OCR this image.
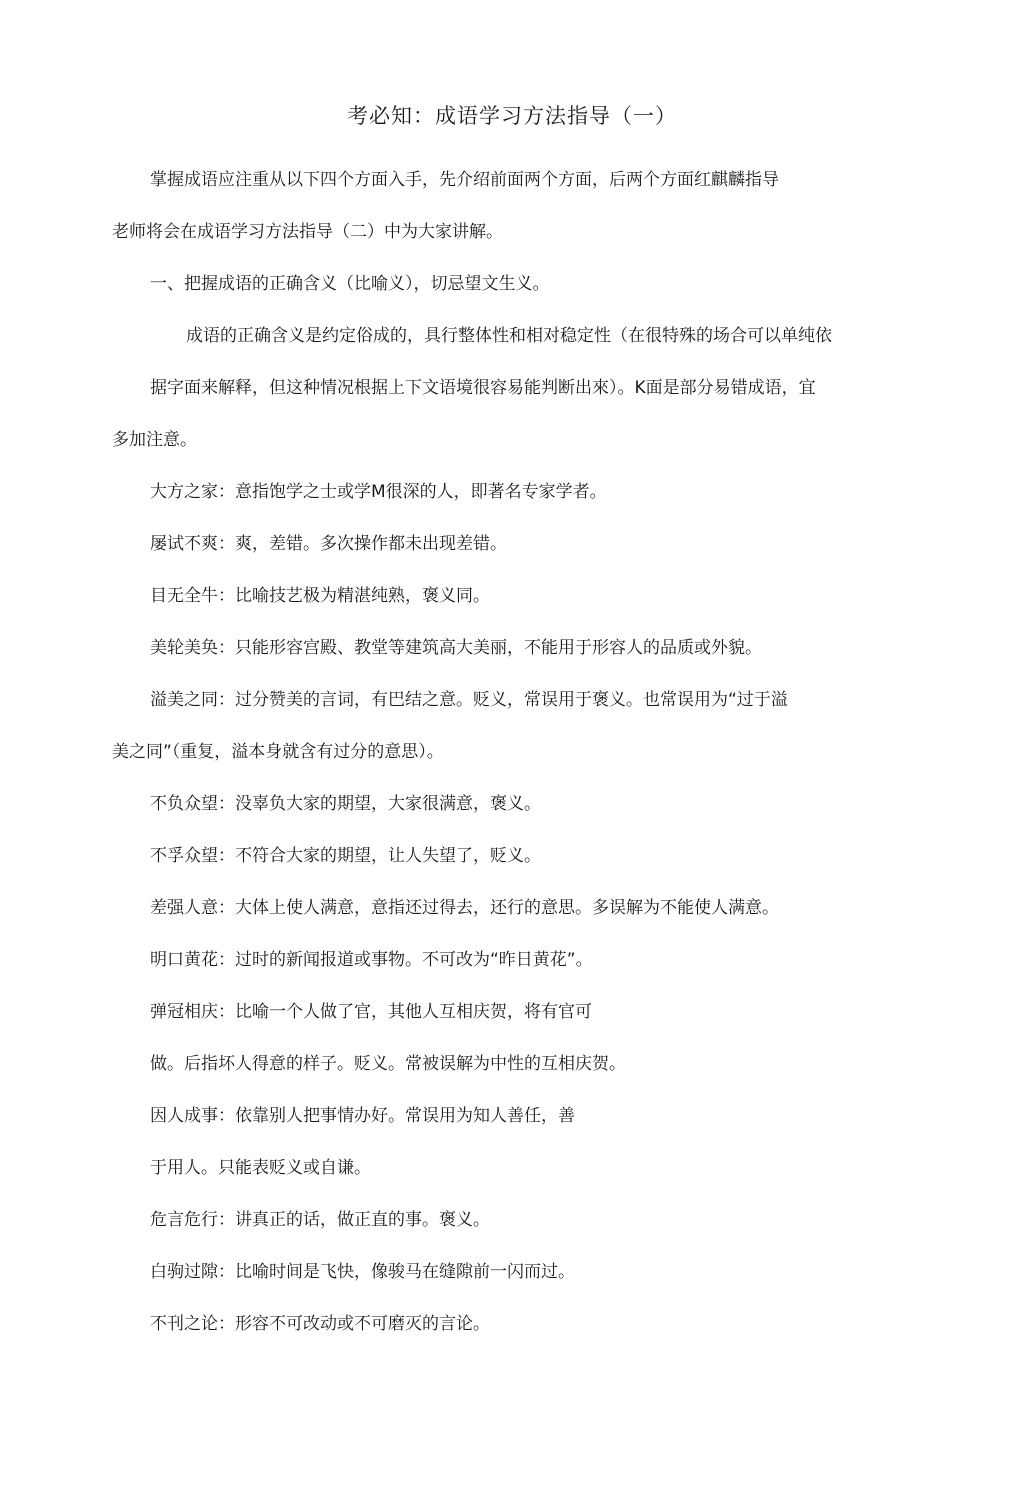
考必知：成语学习方法指导（一）
掌握成语应注重从以下四个方面入手，先介绍前面两个方面，后两个方面红麒麟指导
老师将会在成语学习方法指导（二）中为大家讲解。
一、把握成语的正确含义（比喻义），切忌望文生义。
成语的正确含义是约定俗成的，具行整体性和相对稳定性（在很特殊的场合可以单纯依
据字面来解释，但这种情况根据上下文语境很容易能判断出來）。K面是部分易错成语，宜
多加注意。
大方之家：意指饱学之士或学M很深的人，即著名专家学者。
屡试不爽：爽，差错。多次操作都未出现差错。
目无全牛：比喻技艺极为精湛纯熟，褒义同。
美轮美奂：只能形容宫殿、教堂等建筑高大美丽，不能用于形容人的品质或外貌。
溢美之同：过分赞美的言词，有巴结之意。贬义，常误用于褒义。也常误用为“过于溢
美之同”（重复，溢本身就含有过分的意思）。
不负众望：没辜负大家的期望，大家很满意，褒义。
不孚众望：不符合大家的期望，让人失望了，贬义。
差强人意：大体上使人满意，意指还过得去，还行的意思。多误解为不能使人满意。
明口黄花：过时的新闻报道或事物。不可改为“昨日黄花”。
弹冠相庆：比喻一个人做了官，其他人互相庆贺，将有官可
做。后指坏人得意的样子。贬义。常被误解为中性的互相庆贺。
因人成事：依靠别人把事情办好。常误用为知人善任，善
于用人。只能表贬义或自谦。
危言危行：讲真正的话，做正直的事。褒义。
白驹过隙：比喻时间是飞快，像骏马在缝隙前一闪而过。
不刊之论：形容不可改动或不可磨灭的言论。
